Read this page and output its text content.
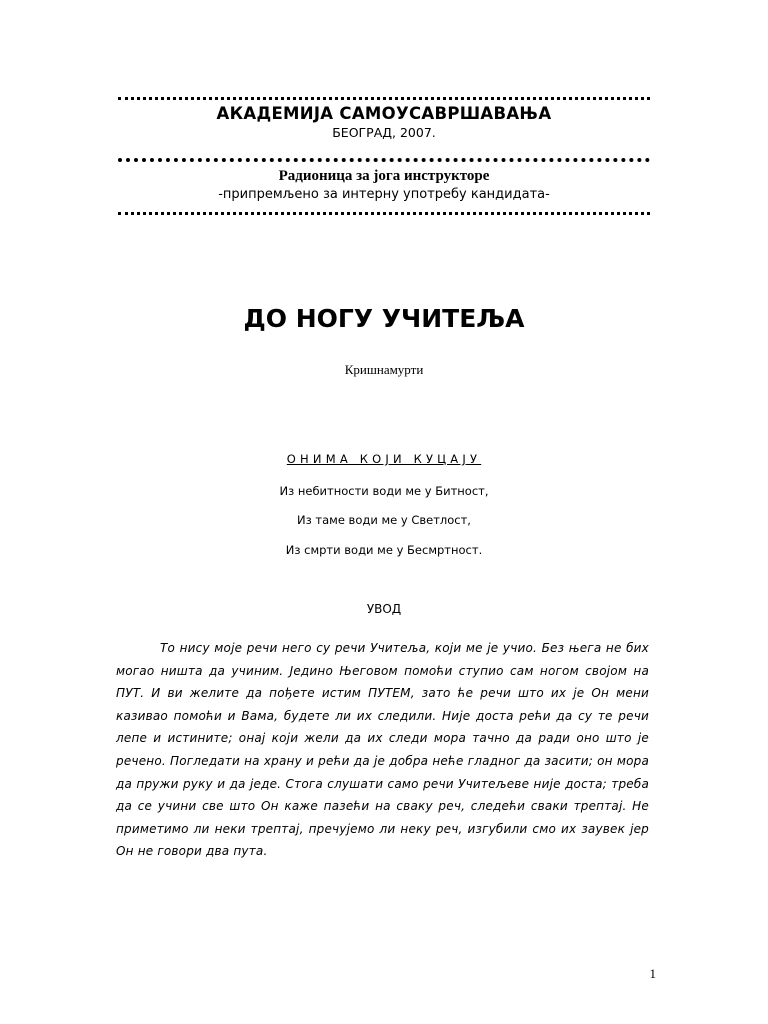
АКАДЕМИЈА САМОУСАВРШАВАЊА
БЕОГРАД, 2007.
Радионица за јога инструкторе
-припремљено за интерну употребу кандидата-
ДО НОГУ УЧИТЕЉА
Кришнамурти
ОНИМА КОЈИ КУЦАЈУ
Из небитности води ме у Битност,
Из таме води ме у Светлост,
Из смрти води ме у Бесмртност.
УВОД
То нису моје речи него су речи Учитеља, који ме је учио. Без њега не бих могао ништа да учиним. Једино Његовом помоћи ступио сам ногом својом на ПУТ. И ви желите да пођете истим ПУТЕМ, зато ће речи што их је Он мени казивао помоћи и Вама, будете ли их следили. Није доста рећи да су те речи лепе и истините; онај који жели да их следи мора тачно да ради оно што је речено. Погледати на храну и рећи да је добра неће гладног да засити; он мора да пружи руку и да једе. Стога слушати само речи Учитељеве није доста; треба да се учини све што Он каже пазећи на сваку реч, следећи сваки трептај. Не приметимо ли неки трептај, пречујемо ли неку реч, изгубили смо их заувек јер Он не говори два пута.
1
